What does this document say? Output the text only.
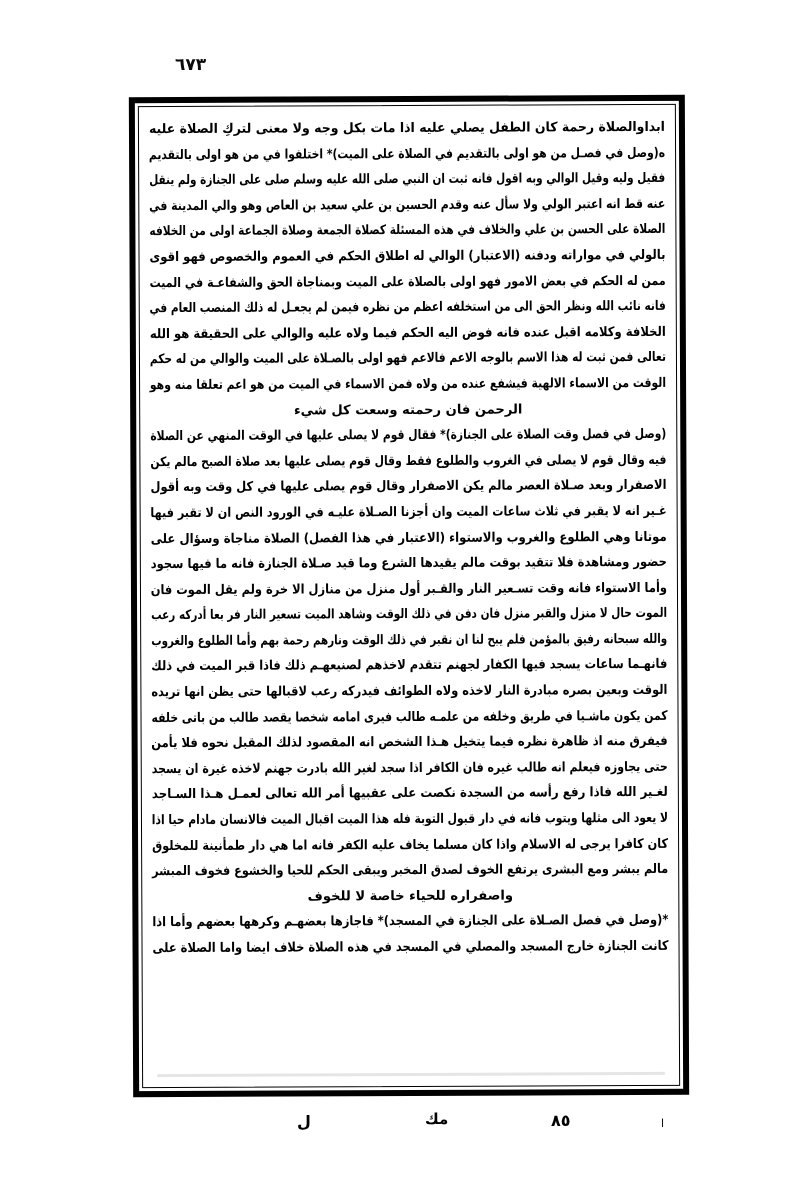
٦٧٣
ابداوالصلاة رحمة كان الطفل يصلي عليه اذا مات بكل وجه ولا معنى لتركِ الصلاة عليه
ه(وصل في فصـل من هو اولى بالتقديم في الصلاة على الميت)* اختلفوا في من هو اولى بالتقديم
فقيل وليه وقيل الوالي وبه اقول فانه ثبت ان النبي صلى الله عليه وسلم صلى على الجنازة ولم ينقل
عنه قط انه اعتبر الولي ولا سأل عنه وقدم الحسين بن علي سعيد بن العاص وهو والي المدينة في
الصلاة على الحسن بن علي والخلاف في هذه المسئلة كصلاة الجمعة وصلاة الجماعة اولى من الخلافه
بالولي في مواراته ودفنه (الاعتبار) الوالي له اطلاق الحكم في العموم والخصوص فهو اقوى
ممن له الحكم في بعض الامور فهو اولى بالصلاة على الميت وبمناجاة الحق والشفاعـة في الميت
فانه نائب الله ونظر الحق الى من استخلفه اعظم من نظره فيمن لم يجعـل له ذلك المنصب العام في
الخلافة وكلامه اقبل عنده فانه فوض اليه الحكم فيما ولاه عليه والوالي على الحقيقة هو الله
تعالى فمن ثبت له هذا الاسم بالوجه الاعم فالاعم فهو اولى بالصـلاة على الميت والوالي من له حكم
الوقت من الاسماء الالهية فيشفع عنده من ولاه فمن الاسماء في الميت من هو اعم تعلقا منه وهو
الرحمن فان رحمته وسعت كل شيء
(وصل في فصل وقت الصلاة على الجنازة)* فقال قوم لا يصلى عليها في الوقت المنهي عن الصلاة
فيه وقال قوم لا يصلى في الغروب والطلوع فقط وقال قوم يصلى عليها بعد صلاة الصبح مالم يكن
الاصفرار وبعد صـلاة العصر مالم يكن الاصفرار وقال قوم يصلى عليها في كل وقت وبه أقول
غـير انه لا يقبر في ثلاث ساعات الميت وان أجزنا الصـلاة عليـه في الورود النص ان لا تقبر فيها
موتانا وهي الطلوع والغروب والاستواء (الاعتبار في هذا الفصل) الصلاة مناجاة وسؤال على
حضور ومشاهدة فلا تتقيد بوقت مالم يقيدها الشرع وما قيد صـلاة الجنازة فانه ما فيها سجود
وأما الاستواء فانه وقت تسـعير النار والقـبر أول منزل من منازل الا خرة ولم يقل الموت فان
الموت حال لا منزل والقبر منزل فان دفن في ذلك الوقت وشاهد الميت تسعير النار فر بعا أدركه رعب
والله سبحانه رفيق بالمؤمن فلم يبح لنا ان نقبر في ذلك الوقت ونارهم رحمة بهم وأما الطلوع والغروب
فانهـما ساعات يسجد فيها الكفار لجهنم تتقدم لاخذهم لصنيعهـم ذلك فاذا قبر الميت في ذلك
الوقت وبعين بصره مبادرة النار لاخذه ولاه الطوائف فيدركه رعب لاقبالها حتى يظن انها تريده
كمن يكون ماشـيا في طريق وخلفه من علمـه طالب فيرى امامه شخصا يقصد طالب من باتى خلفه
فيفرق منه اذ ظاهرة نظره فيما يتخيل هـذا الشخص انه المقصود لذلك المقبل نحوه فلا يأمن
حتى يجاوزه فيعلم انه طالب غيره فان الكافر اذا سجد لغير الله بادرت جهنم لاخذه غيرة ان يسجد
لغـير الله فاذا رفع رأسه من السجدة نكصت على عقبيها أمر الله تعالى لعمـل هـذا السـاجد
لا يعود الى مثلها ويتوب فانه في دار قبول التوبة فله هذا الميت اقبال الميت فالانسان مادام حيا اذا
كان كافرا يرجى له الاسلام واذا كان مسلما يخاف عليه الكفر فانه اما هي دار طمأنينة للمخلوق
مالم يبشر ومع البشرى يرتفع الخوف لصدق المخبر ويبقى الحكم للحيا والخشوع فخوف المبشر
واصفراره للحياء خاصة لا للخوف
*(وصل في فصل الصـلاة على الجنازة في المسجد)* فاجازها بعضهـم وكرهها بعضهم وأما اذا
كانت الجنازة خارج المسجد والمصلي في المسجد في هذه الصلاة خلاف ايضا واما الصلاة على
ل	مك	٨٥	ا
